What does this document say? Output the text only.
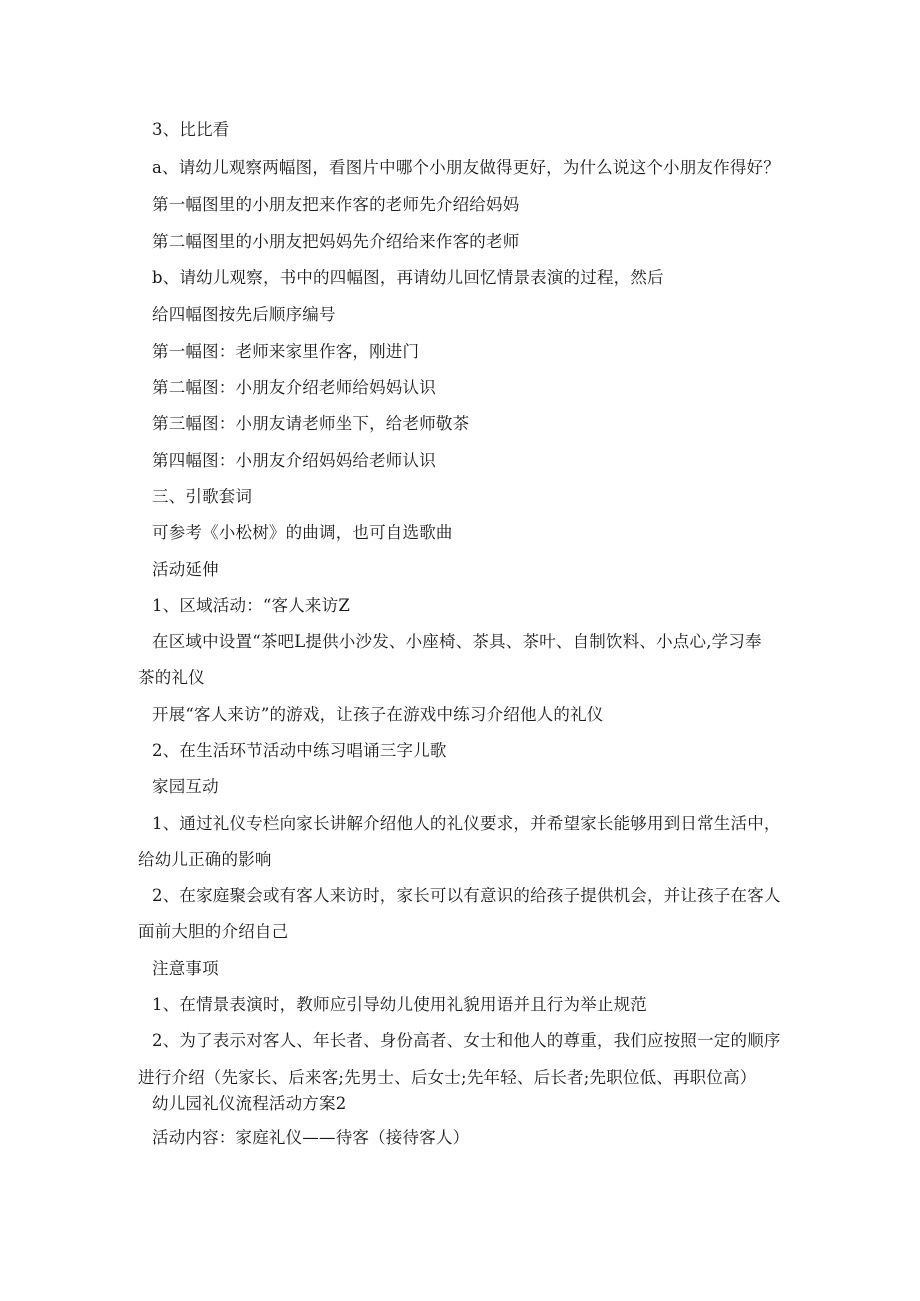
3、比比看
a、请幼儿观察两幅图，看图片中哪个小朋友做得更好，为什么说这个小朋友作得好？
第一幅图里的小朋友把来作客的老师先介绍给妈妈
第二幅图里的小朋友把妈妈先介绍给来作客的老师
b、请幼儿观察，书中的四幅图，再请幼儿回忆情景表演的过程，然后
给四幅图按先后顺序编号
第一幅图：老师来家里作客，刚进门
第二幅图：小朋友介绍老师给妈妈认识
第三幅图：小朋友请老师坐下，给老师敬茶
第四幅图：小朋友介绍妈妈给老师认识
三、引歌套词
可参考《小松树》的曲调，也可自选歌曲
活动延伸
1、区域活动：“客人来访Z
在区域中设置“茶吧L提供小沙发、小座椅、茶具、茶叶、自制饮料、小点心,学习奉
茶的礼仪
开展“客人来访”的游戏，让孩子在游戏中练习介绍他人的礼仪
2、在生活环节活动中练习唱诵三字儿歌
家园互动
1、通过礼仪专栏向家长讲解介绍他人的礼仪要求，并希望家长能够用到日常生活中，
给幼儿正确的影响
2、在家庭聚会或有客人来访时，家长可以有意识的给孩子提供机会，并让孩子在客人
面前大胆的介绍自己
注意事项
1、在情景表演时，教师应引导幼儿使用礼貌用语并且行为举止规范
2、为了表示对客人、年长者、身份高者、女士和他人的尊重，我们应按照一定的顺序
进行介绍（先家长、后来客;先男士、后女士;先年轻、后长者;先职位低、再职位高）
幼儿园礼仪流程活动方案2
活动内容：家庭礼仪——待客（接待客人）
